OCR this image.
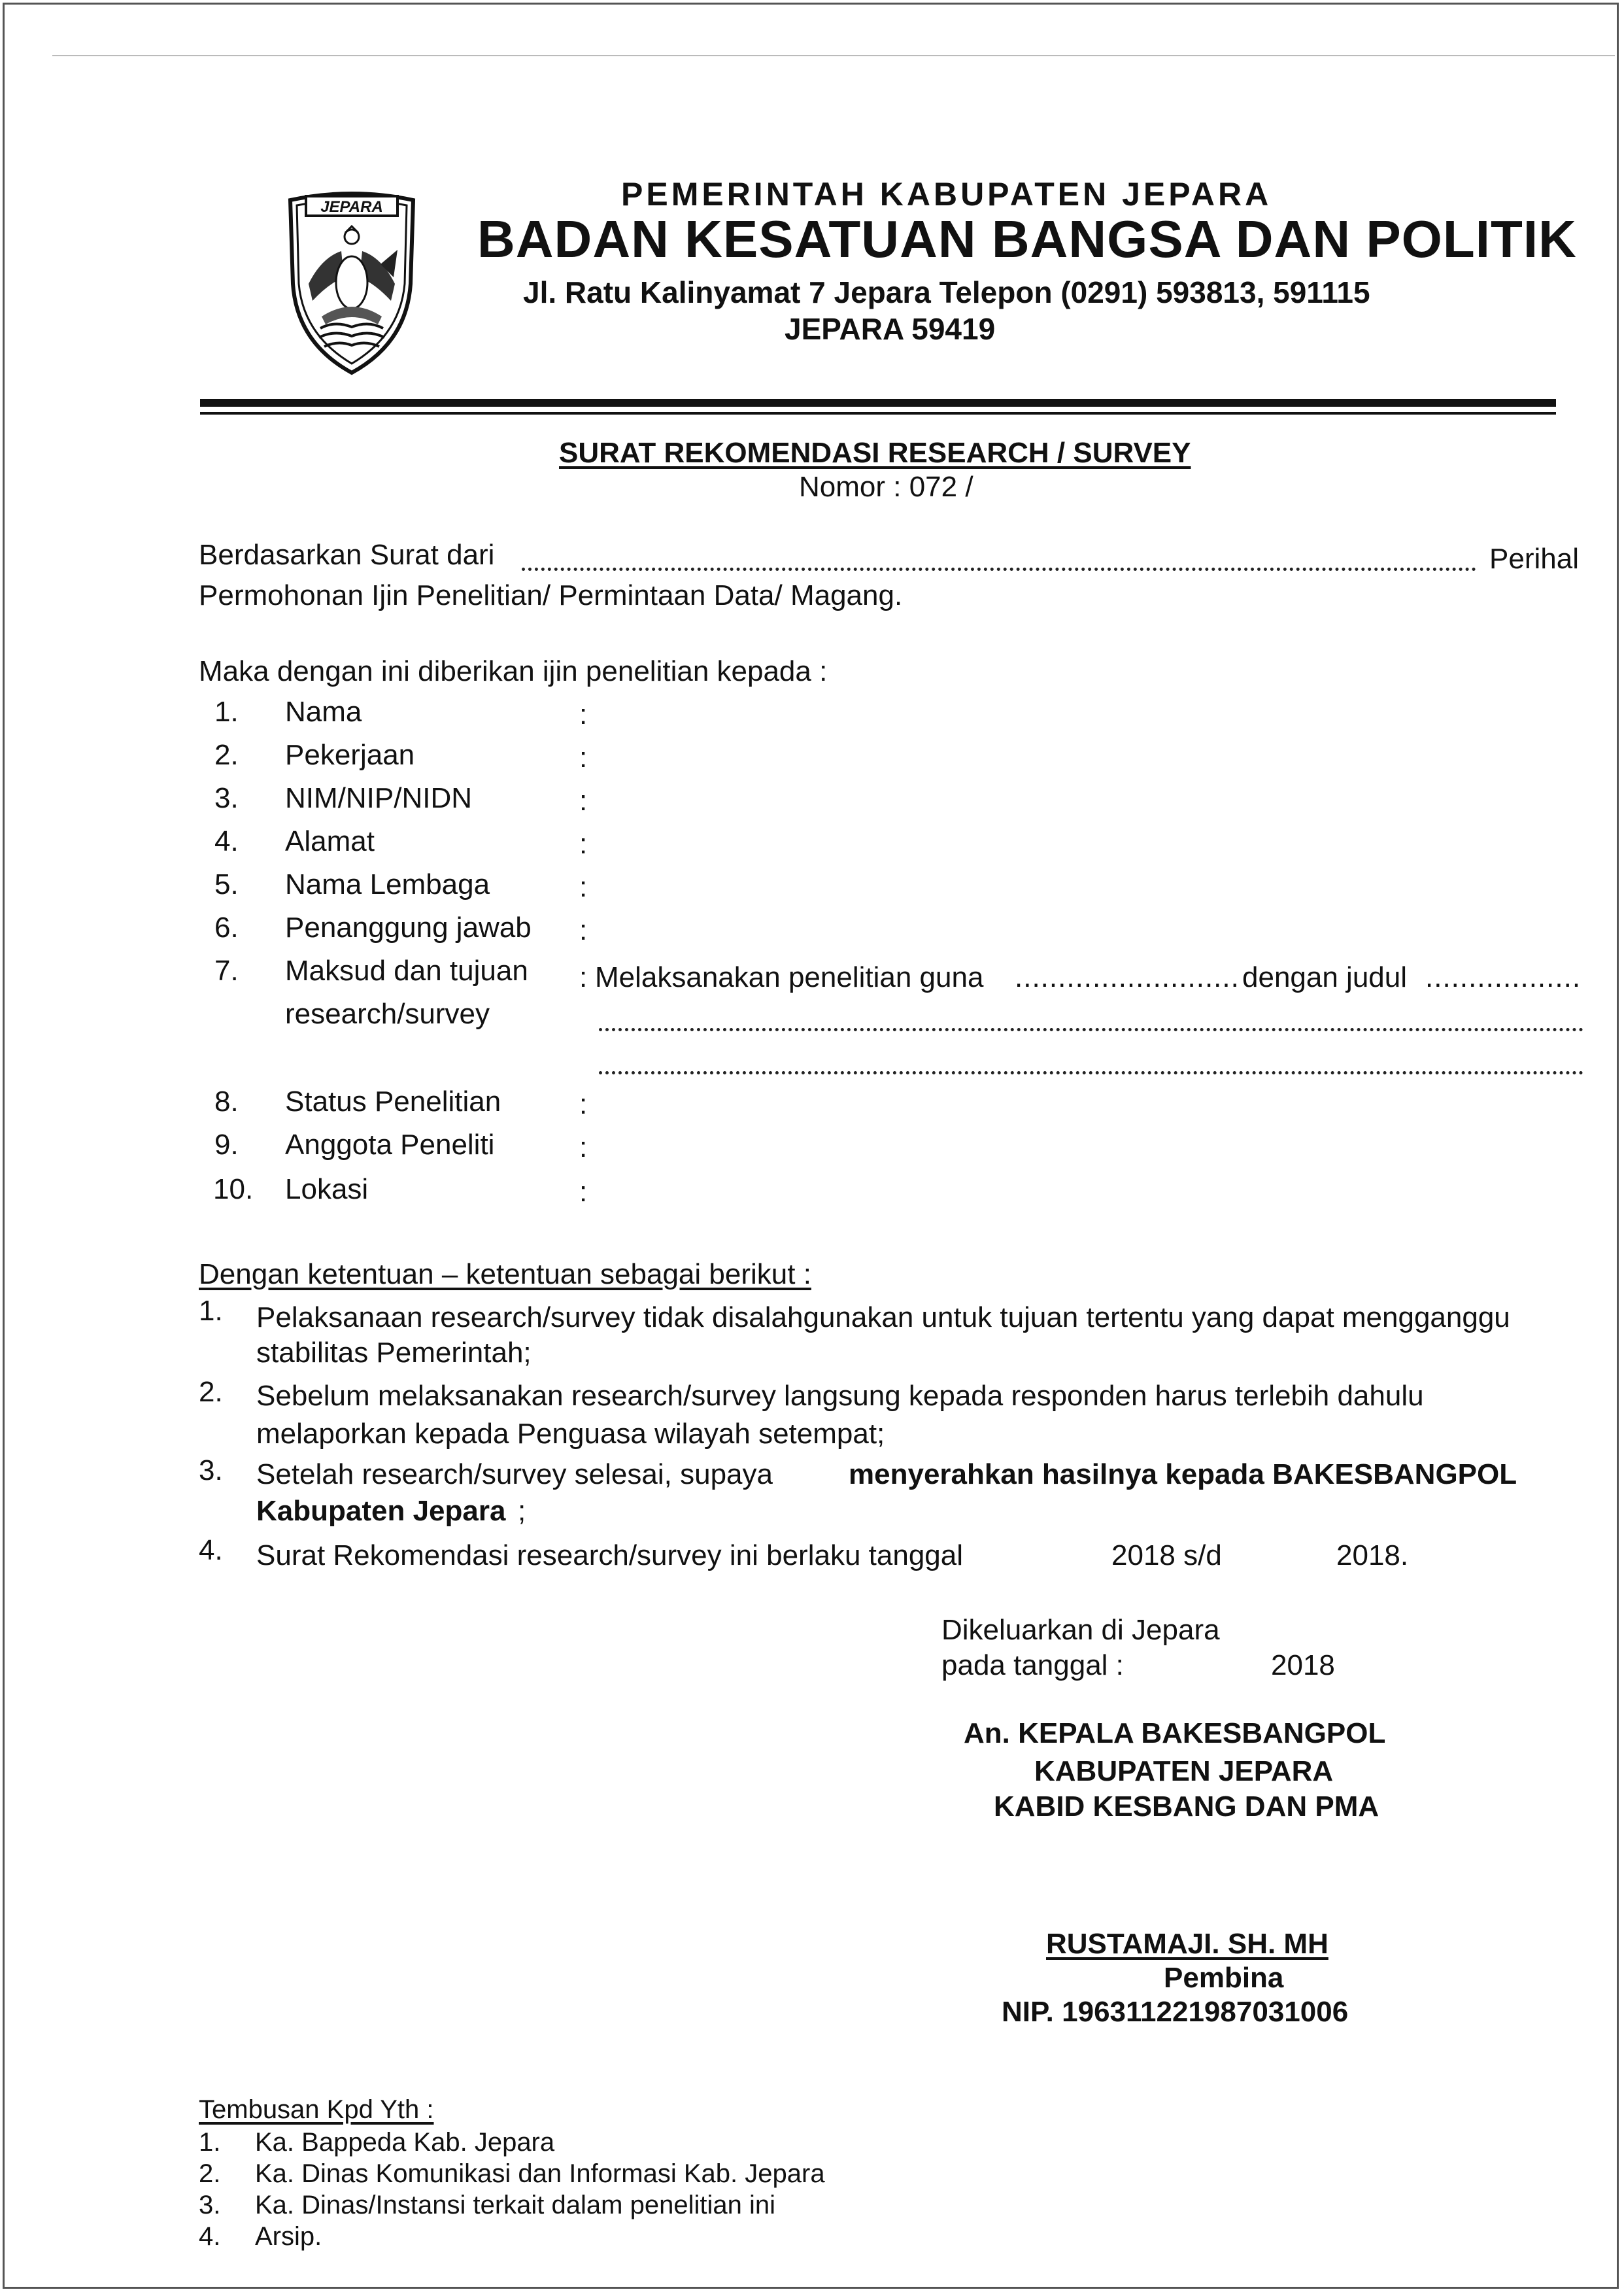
JEPARA	PEMERINTAH KABUPATEN JEPARA
BADAN KESATUAN BANGSA DAN POLITIK
Jl. Ratu Kalinyamat 7 Jepara Telepon (0291) 593813, 591115
JEPARA 59419
SURAT REKOMENDASI RESEARCH / SURVEY
Nomor : 072 /
Berdasarkan Surat dari	Perihal
Permohonan Ijin Penelitian/ Permintaan Data/ Magang.
Maka dengan ini diberikan ijin penelitian kepada :
1. Nama	:
2. Pekerjaan	:
3. NIM/NIP/NIDN	:
4. Alamat	:
5. Nama Lembaga	:
6. Penanggung jawab :
7. Maksud dan tujuan
research/survey
: Melaksanakan penelitian guna .......................... dengan judul ..................
8. Status Penelitian	:
9. Anggota Peneliti	:
10. Lokasi	:
Dengan ketentuan – ketentuan sebagai berikut :
1. Pelaksanaan research/survey tidak disalahgunakan untuk tujuan tertentu yang dapat mengganggu
stabilitas Pemerintah;
2. Sebelum melaksanakan research/survey langsung kepada responden harus terlebih dahulu
melaporkan kepada Penguasa wilayah setempat;
3. Setelah research/survey selesai, supaya	menyerahkan hasilnya kepada BAKESBANGPOL
Kabupaten Jepara ;
4. Surat Rekomendasi research/survey ini berlaku tanggal	2018 s/d	2018.
Dikeluarkan di Jepara
pada tanggal :	2018
An. KEPALA BAKESBANGPOL
KABUPATEN JEPARA
KABID KESBANG DAN PMA
RUSTAMAJI. SH. MH
Pembina
NIP. 196311221987031006
Tembusan Kpd Yth :
1. Ka. Bappeda Kab. Jepara
2. Ka. Dinas Komunikasi dan Informasi Kab. Jepara
3. Ka. Dinas/Instansi terkait dalam penelitian ini
4. Arsip.
